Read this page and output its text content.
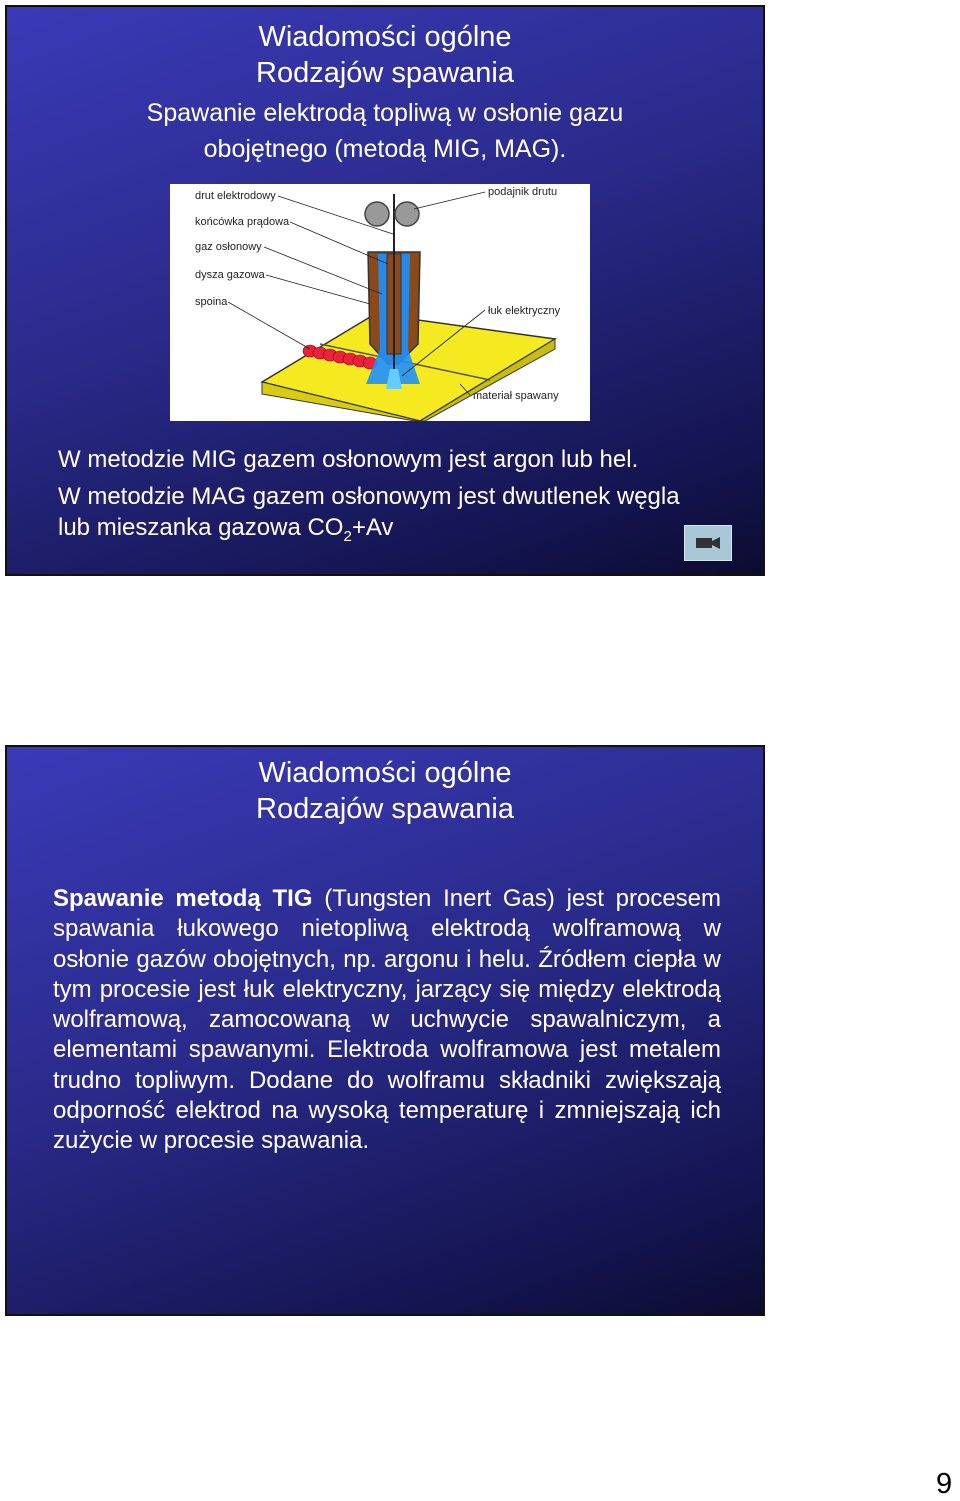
Wiadomości ogólne
Rodzajów spawania
Spawanie elektrodą topliwą w osłonie gazu
obojętnego (metodą MIG, MAG).
drut elektrodowy
końcówka prądowa
gaz osłonowy
dysza gazowa
spoina
podajnik drutu
łuk elektryczny
materiał spawany
W metodzie MIG gazem osłonowym jest argon lub hel.
W metodzie MAG gazem osłonowym jest dwutlenek węgla
lub mieszanka gazowa $CO_2+Av$
Wiadomości ogólne
Rodzajów spawania
Spawanie metodą TIG (Tungsten Inert Gas) jest procesem spawania łukowego nietopliwą elektrodą wolframową w osłonie gazów obojętnych, np. argonu i helu. Źródłem ciepła w tym procesie jest łuk elektryczny, jarzący się między elektrodą wolframową, zamocowaną w uchwycie spawalniczym, a elementami spawanymi. Elektroda wolframowa jest metalem trudno topliwym. Dodane do wolframu składniki zwiększają odporność elektrod na wysoką temperaturę i zmniejszają ich zużycie w procesie spawania.
9
